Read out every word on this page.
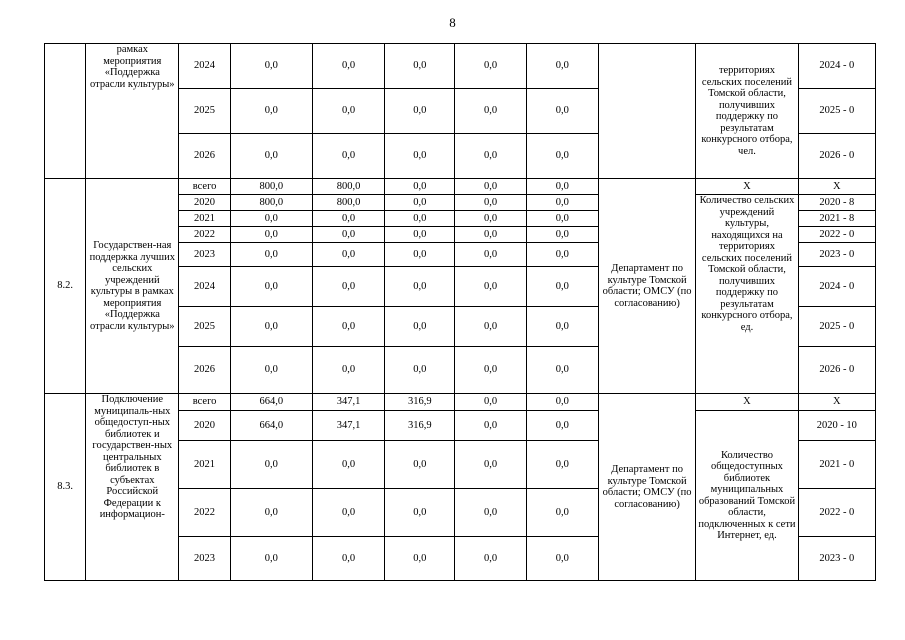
8
	рамках мероприятия «Поддержка отрасли культуры»	2024	0,0	0,0	0,0	0,0	0,0		территориях сельских поселений Томской области, получивших поддержку по результатам конкурсного отбора, чел.	2024 - 0
		2025	0,0	0,0	0,0	0,0	0,0			2025 - 0
		2026	0,0	0,0	0,0	0,0	0,0			2026 - 0
8.2.	Государствен-ная поддержка лучших сельских учреждений культуры в рамках мероприятия «Поддержка отрасли культуры»	всего	800,0	800,0	0,0	0,0	0,0	Департамент по культуре Томской области; ОМСУ (по согласованию)	X	X
		2020	800,0	800,0	0,0	0,0	0,0		Количество сельских учреждений культуры, находящихся на территориях сельских поселений Томской области, получивших поддержку по результатам конкурсного отбора, ед.	2020 - 8
		2021	0,0	0,0	0,0	0,0	0,0			2021 - 8
		2022	0,0	0,0	0,0	0,0	0,0			2022 - 0
		2023	0,0	0,0	0,0	0,0	0,0			2023 - 0
		2024	0,0	0,0	0,0	0,0	0,0			2024 - 0
		2025	0,0	0,0	0,0	0,0	0,0			2025 - 0
		2026	0,0	0,0	0,0	0,0	0,0			2026 - 0
8.3.	Подключение муниципаль-ных общедоступ-ных библиотек и государствен-ных центральных библиотек в субъектах Российской Федерации к информацион-	всего	664,0	347,1	316,9	0,0	0,0	Департамент по культуре Томской области; ОМСУ (по согласованию)	X	X
		2020	664,0	347,1	316,9	0,0	0,0		Количество общедоступных библиотек муниципальных образований Томской области, подключенных к сети Интернет, ед.	2020 - 10
		2021	0,0	0,0	0,0	0,0	0,0			2021 - 0
		2022	0,0	0,0	0,0	0,0	0,0			2022 - 0
		2023	0,0	0,0	0,0	0,0	0,0			2023 - 0
